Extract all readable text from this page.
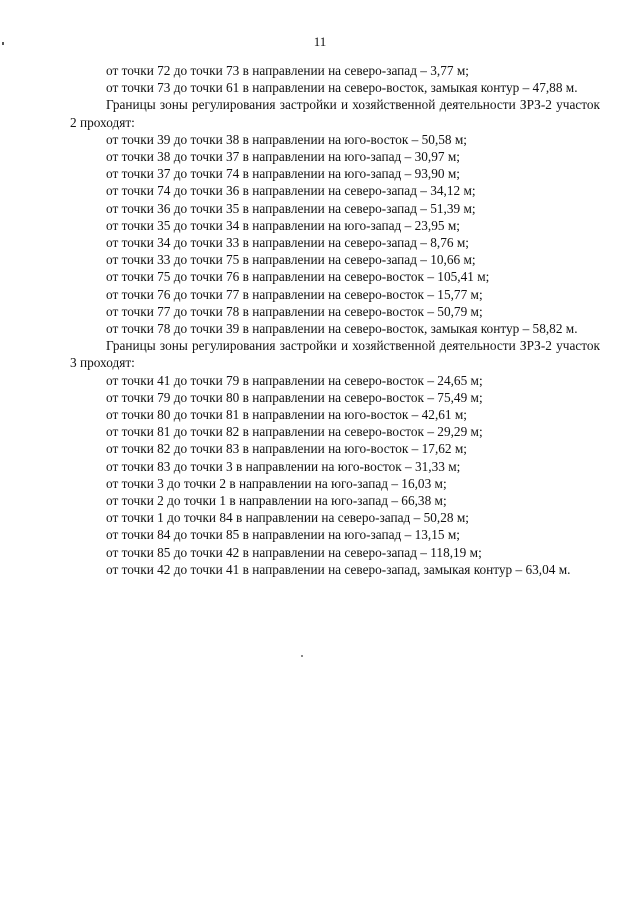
11
от точки 72 до точки 73 в направлении на северо-запад – 3,77 м;
от точки 73 до точки 61 в направлении на северо-восток, замыкая контур – 47,88 м.
Границы зоны регулирования застройки и хозяйственной деятельности ЗРЗ-2 участок 2 проходят:
от точки 39 до точки 38 в направлении на юго-восток – 50,58 м;
от точки 38 до точки 37 в направлении на юго-запад – 30,97 м;
от точки 37 до точки 74 в направлении на юго-запад – 93,90 м;
от точки 74 до точки 36 в направлении на северо-запад – 34,12 м;
от точки 36 до точки 35 в направлении на северо-запад – 51,39 м;
от точки 35 до точки 34 в направлении на юго-запад – 23,95 м;
от точки 34 до точки 33 в направлении на северо-запад – 8,76 м;
от точки 33 до точки 75 в направлении на северо-запад – 10,66 м;
от точки 75 до точки 76 в направлении на северо-восток – 105,41 м;
от точки 76 до точки 77 в направлении на северо-восток – 15,77 м;
от точки 77 до точки 78 в направлении на северо-восток – 50,79 м;
от точки 78 до точки 39 в направлении на северо-восток, замыкая контур – 58,82 м.
Границы зоны регулирования застройки и хозяйственной деятельности ЗРЗ-2 участок 3 проходят:
от точки 41 до точки 79 в направлении на северо-восток – 24,65 м;
от точки 79 до точки 80 в направлении на северо-восток – 75,49 м;
от точки 80 до точки 81 в направлении на юго-восток – 42,61 м;
от точки 81 до точки 82 в направлении на северо-восток – 29,29 м;
от точки 82 до точки 83 в направлении на юго-восток – 17,62 м;
от точки 83 до точки 3 в направлении на юго-восток – 31,33 м;
от точки 3 до точки 2 в направлении на юго-запад – 16,03 м;
от точки 2 до точки 1 в направлении на юго-запад – 66,38 м;
от точки 1 до точки 84 в направлении на северо-запад – 50,28 м;
от точки 84 до точки 85 в направлении на юго-запад – 13,15 м;
от точки 85 до точки 42 в направлении на северо-запад – 118,19 м;
от точки 42 до точки 41 в направлении на северо-запад, замыкая контур – 63,04 м.
